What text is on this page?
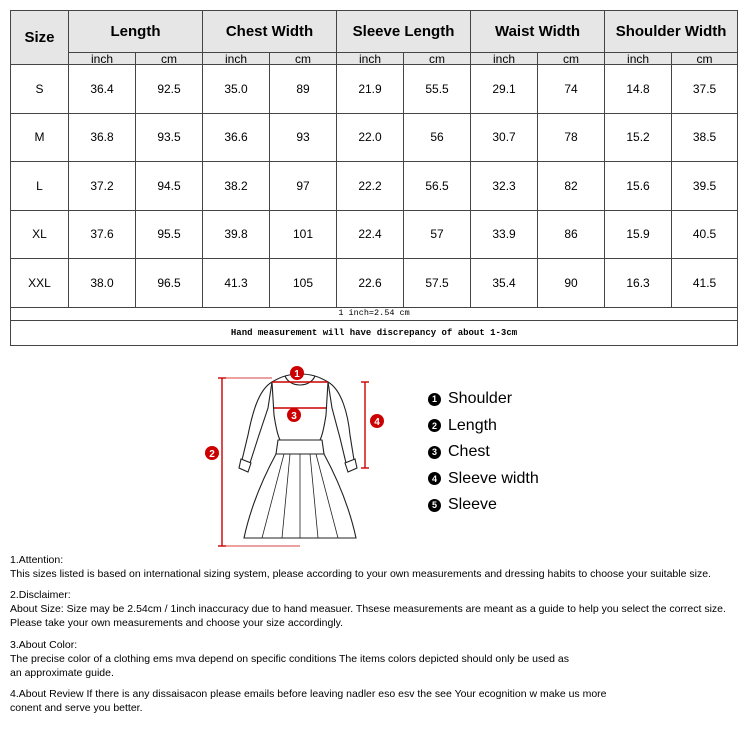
Size	Length		Chest Width		Sleeve Length		Waist Width		Shoulder Width	
	inch	cm	inch	cm	inch	cm	inch	cm	inch	cm
S	36.4	92.5	35.0	89	21.9	55.5	29.1	74	14.8	37.5
M	36.8	93.5	36.6	93	22.0	56	30.7	78	15.2	38.5
L	37.2	94.5	38.2	97	22.2	56.5	32.3	82	15.6	39.5
XL	37.6	95.5	39.8	101	22.4	57	33.9	86	15.9	40.5
XXL	38.0	96.5	41.3	105	22.6	57.5	35.4	90	16.3	41.5
1 inch=2.54 cm										
Hand measurement will have discrepancy of about 1-3cm										
1
2
3
4
1 Shoulder
2 Length
3 Chest
4 Sleeve width
5 Sleeve
1.Attention:
This sizes listed is based on international sizing system, please according to your own measurements and dressing habits to choose your suitable size.
2.Disclaimer:
About Size: Size may be 2.54cm / 1inch inaccuracy due to hand measuer. Thsese measurements are meant as a guide to help you select the correct size.
Please take your own measurements and choose your size accordingly.
3.About Color:
The precise color of a clothing ems mva depend on specific conditions The items colors depicted should only be used as
an approximate guide.
4.About Review If there is any dissaisacon please emails before leaving nadler eso esv the see Your ecognition w make us more
conent and serve you better.
